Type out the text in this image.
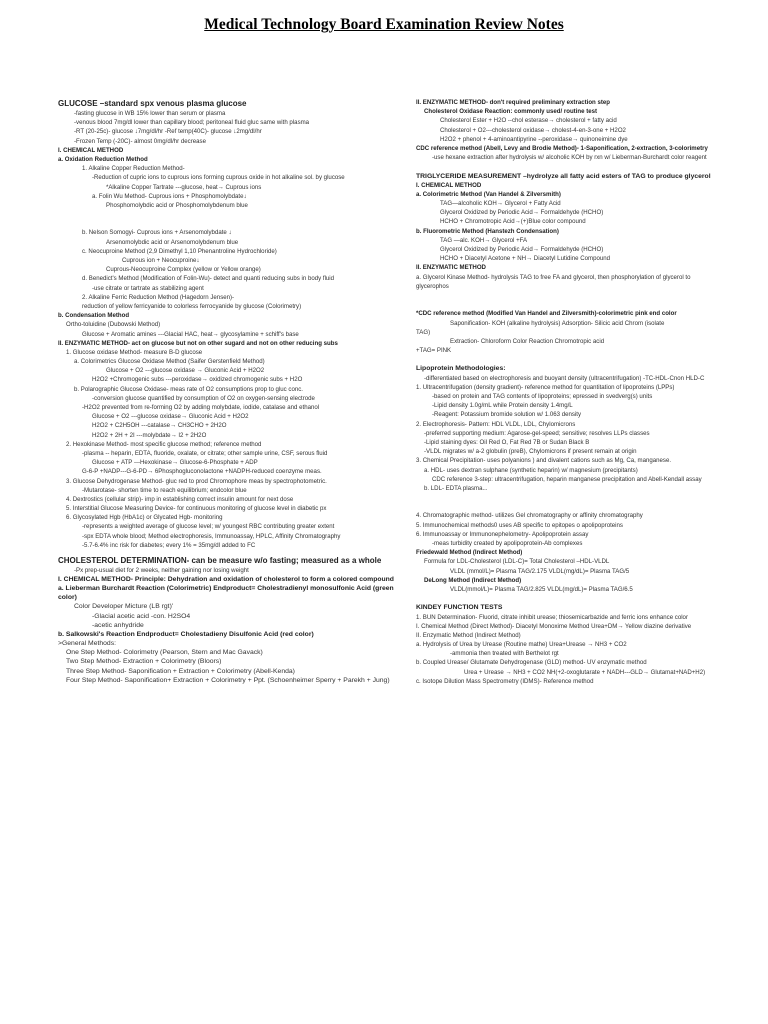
Medical Technology Board Examination Review Notes
GLUCOSE –standard spx venous plasma glucose
-fasting glucose in WB 15% lower than serum or plasma
-venous blood 7mg/dl lower than capillary blood; peritoneal fluid gluc same with plasma
-RT (20-25c)- glucose ↓7mg/dl/hr -Ref temp(40C)- glucose ↓2mg/dl/hr
-Frozen Temp (-20C)- almost 0mg/dl/hr decrease
I. CHEMICAL METHOD
a. Oxidation Reduction Method
1. Alkaline Copper Reduction Method-
-Reduction of cupric ions to cuprous ions forming cuprous oxide in hot alkaline sol. by glucose
*Alkaline Copper Tartrate ---glucose, heat→ Cuprous ions
a. Folin Wu Method- Cuprous ions + Phosphomolybdate↓
Phosphomolybdic acid or Phosphomolybdenum blue
b. Nelson Somogyi- Cuprous ions + Arsenomolybdate ↓
Arsenomolybdic acid or Arsenomolybdenum blue
c. Neocuproine Method (2,9 Dimethyl 1,10 Phenantroline Hydrochloride)
Cuprous ion + Neocuproine↓
Cuprous-Neocuproine Complex (yellow or Yellow orange)
d. Benedict's Method (Modification of Folin-Wu)- detect and quanti reducing subs in body fluid
-use citrate or tartrate as stabilizing agent
2. Alkaline Ferric Reduction Method (Hagedorn Jensen)-
reduction of yellow ferricyanide to colorless ferrocyanide by glucose (Colorimetry)
b. Condensation Method
Ortho-toluidine (Dubowski Method)
Glucose + Aromatic amines ---Glacial HAC, heat→ glycosylamine + schiff's base
II. ENZYMATIC METHOD- act on glucose but not on other sugard and not on other reducing subs
1. Glucose oxidase Method- measure B-D glucose
a. Colorimetrics Glucose Oxidase Method (Saifer Gerstenfield Method)
Glucose + O2 ---glucose oxidase → Gluconic Acid + H2O2
H2O2 +Chromogenic subs ---peroxidase→ oxidized chromogenic subs + H2O
b. Polarographic Glucose Oxidase- meas rate of O2 consumptions prop to gluc conc.
-conversion glucose quantified by consumption of O2 on oxygen-sensing electrode
-H2O2 prevented from re-forming O2 by adding molybdate, iodide, catalase and ethanol
Glucose + O2 ---glucose oxidase→ Gluconic Acid + H2O2
H2O2 + C2H5OH ---catalase→ CH3CHO + 2H2O
H2O2 + 2H + 2I ---molybdate→ I2 + 2H2O
2. Hexokinase Method- most specific glucose method; reference method
-plasma -- heparin, EDTA, fluoride, oxalate, or citrate; other sample urine, CSF, serous fluid
Glucose + ATP ---Hexokinase→ Glucose-6-Phosphate + ADP
G-6-P +NADP---G-6-PD→ 6Phosphogluconolactone +NADPH-reduced coenzyme meas.
3. Glucose Dehydrogenase Method- gluc red to prod Chromophore meas by spectrophotometric.
-Mutarotase- shorten time to reach equilibrium; endcolor blue
4. Dextrostics (cellular strip)- imp in establishing correct insulin amount for next dose
5. Interstitial Glucose Measuring Device- for continuous monitoring of glucose level in diabetic px
6. Glycosylated Hgb (HbA1c) or Glycated Hgb- monitoring
-represents a weighted average of glucose level; w/ youngest RBC contributing greater extent
-spx EDTA whole blood; Method electrophoresis, Immunoassay, HPLC, Affinity Chromatography
-5.7-6.4% inc risk for diabetes; every 1% = 35mg/dl added to FC
CHOLESTEROL DETERMINATION- can be measure w/o fasting; measured as a whole
-Px prep-usual diet for 2 weeks, neither gaining nor losing weight
I. CHEMICAL METHOD- Principle: Dehydration and oxidation of cholesterol to form a colored compound
a. Lieberman Burchardt Reaction (Colorimetric) Endproduct= Cholestradienyl monosulfonic Acid (green
color)
Color Developer Micture (LB rgt)'
-Glacial acetic acid -con. H2SO4
-acetic anhydride
b. Salkowski's Reaction Endproduct= Cholestadieny Disulfonic Acid (red color)
>General Methods:
One Step Method- Colorimetry (Pearson, Stern and Mac Gavack)
Two Step Method- Extraction + Colorimetry (Bloors)
Three Step Method- Saponification + Extraction + Colorimetry (Abell-Kenda)
Four Step Method- Saponification+ Extraction + Colorimetry + Ppt. (Schoenheimer Sperry + Parekh + Jung)
II. ENZYMATIC METHOD- don't required preliminary extraction step
Cholesterol Oxidase Reaction: commonly used/ routine test
Cholesterol Ester + H2O --chol esterase→ cholesterol + fatty acid
Cholesterol + O2---cholesterol oxidase→ cholest-4-en-3-one + H2O2
H2O2 + phenol + 4-aminoantipyrine --peroxidase→ quinoneimine dye
CDC reference method (Abell, Levy and Brodie Method)- 1-Saponification, 2-extraction, 3-colorimetry
-use hexane extraction after hydrolysis w/ alcoholic KOH by rxn w/ Lieberman-Burchardt color reagent
TRIGLYCERIDE MEASUREMENT –hydrolyze all fatty acid esters of TAG to produce glycerol
I. CHEMICAL METHOD
a. Colorimetric Method (Van Handel & Zilversmith)
TAG—alcoholic KOH→ Glycerol + Fatty Acid
Glycerol Oxidized by Periodic Acid→ Formaldehyde (HCHO)
HCHO + Chromotropic Acid→(+)Blue color compound
b. Fluorometric Method (Hanstezh Condensation)
TAG —alc. KOH→ Glycerol +FA
Glycerol Oxidized by Periodic Acid→ Formaldehyde (HCHO)
HCHO + Diacetyl Acetone + NH→ Diacetyl Lutidine Compound
II. ENZYMATIC METHOD
a. Glycerol Kinase Method- hydrolysis TAG to free FA and glycerol, then phosphorylation of glycerol to
glycerophos
*CDC reference method (Modified Van Handel and Zilversmith)-colorimetric pink end color
Saponification- KOH (alkaline hydrolysis) Adsorption- Silicic acid Chrom (isolate
TAG)
Extraction- Chloroform Color Reaction Chromotropic acid
+TAG= PINK
Lipoprotein Methodologies:
-differentiated based on electrophoresis and buoyant density (ultracentrifugation) -TC-HDL-Cnon HLD-C
1. Ultracentrifugation (density gradient)- reference method for quantitation of lipoproteins (LPPs)
-based on protein and TAG contents of lipoproteins; epressed in svedverg(s) units
-Lipid density 1.0g/mL while Protein density 1.4mg/L
-Reagent: Potassium bromide solution w/ 1.063 density
2. Electrophoresis- Pattern: HDL VLDL, LDL, Chylomicrons
-preferred supporting medium: Agarose-gel-speed; sensitive; resolves LLPs classes
-Lipid staining dyes: Oil Red O, Fat Red 7B or Sudan Black B
-VLDL migrates w/ a-2 globulin (preB), Chylomicrons if present remain at origin
3. Chemical Precipitation- uses polyanions ) and divalent cations such as Mg, Ca, manganese.
a. HDL- uses dextran sulphane (synthetic heparin) w/ magnesium (precipitants)
CDC reference 3-step: ultracentrifugation, heparin manganese precipitation and Abell-Kendall assay
b. LDL- EDTA plasma...
4. Chromatographic method- utilizes Gel chromatography or affinity chromatography
5. Immunochemical methods0 uses AB specific to epitopes o apolipoproteins
6. Immunoassay or Immunonephelometry- Apolipoprotein assay
-meas turbidity created by apolipoprotein-Ab complexes
Friedewald Method (Indirect Method)
Formula for LDL-Cholesterol (LDL-C)= Total Cholesterol –HDL-VLDL
VLDL (mmol/L)= Plasma TAG/2.175 VLDL(mg/dL)= Plasma TAG/5
DeLong Method (Indirect Method)
VLDL(mmol/L)= Plasma TAG/2.825 VLDL(mg/dL)= Plasma TAG/6.5
KINDEY FUNCTION TESTS
1. BUN Determination- Fluorid, citrate inhibit urease; thiosemicarbazide and ferric ions enhance color
I. Chemical Method (Direct Method)- Diacetyl Monoxime Method Urea+DM→ Yellow diazine derivative
II. Enzymatic Method (Indirect Method)
a. Hydrolysis of Urea by Urease (Routine mathe) Urea+Urease → NH3 + CO2
-ammonia then treated with Berthelot rgt
b. Coupled Urease/ Glutamate Dehydrogenase (GLD) method- UV enzymatic method
Urea + Urease → NH3 + CO2 NH(+2-oxoglutarate + NADH---GLD→ Glutamat+NAD+H2)
c. Isotope Dilution Mass Spectrometry (IDMS)- Reference method
